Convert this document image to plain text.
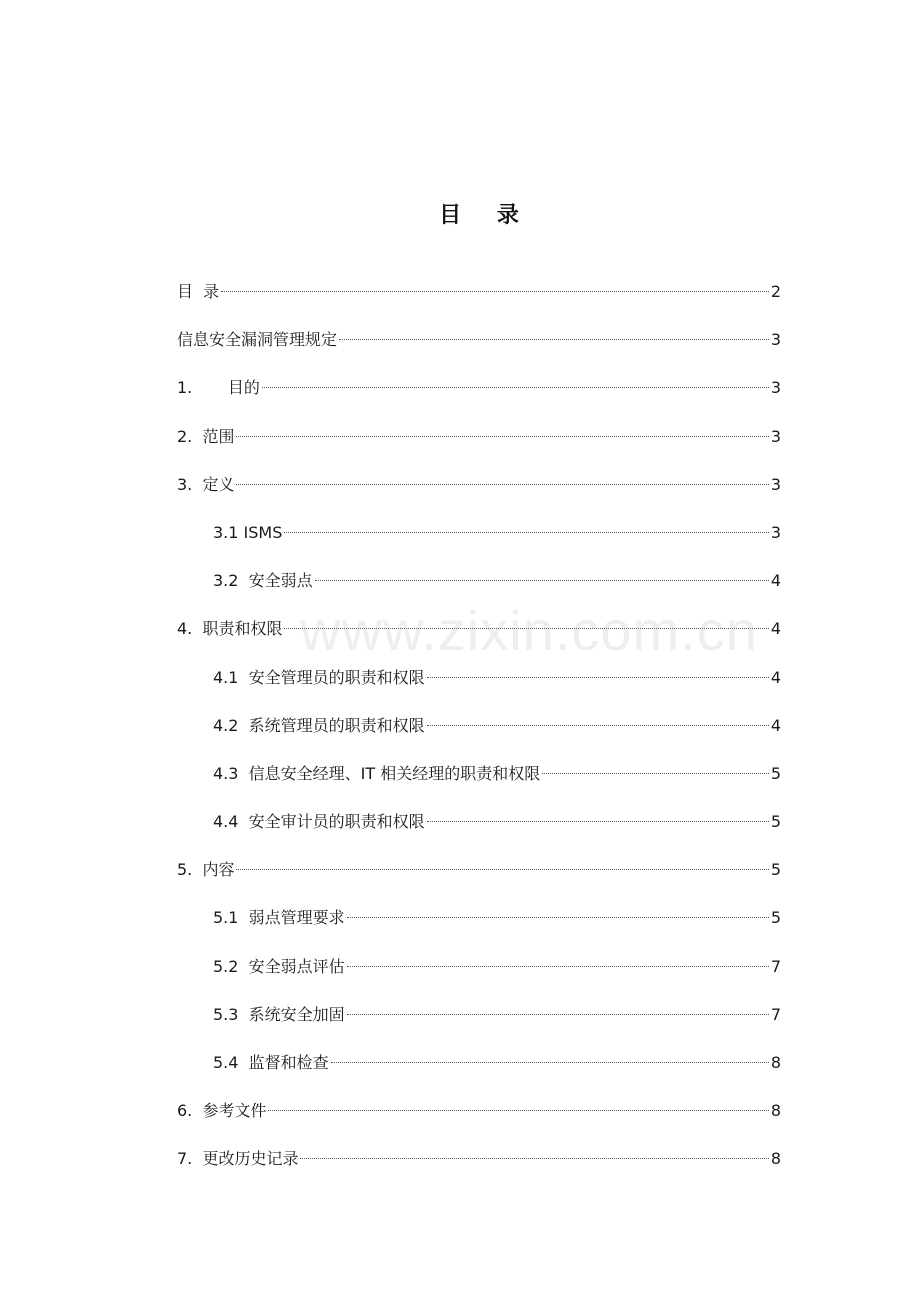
目 录
目  录	2
信息安全漏洞管理规定	3
1.       目的	3
2.  范围	3
3.  定义	3
3.1 ISMS	3
3.2  安全弱点	4
4.  职责和权限	4
4.1  安全管理员的职责和权限	4
4.2  系统管理员的职责和权限	4
4.3  信息安全经理、IT 相关经理的职责和权限	5
4.4  安全审计员的职责和权限	5
5.  内容	5
5.1  弱点管理要求	5
5.2  安全弱点评估	7
5.3  系统安全加固	7
5.4  监督和检查	8
6.  参考文件	8
7.  更改历史记录	8
www.zixin.com.cn
